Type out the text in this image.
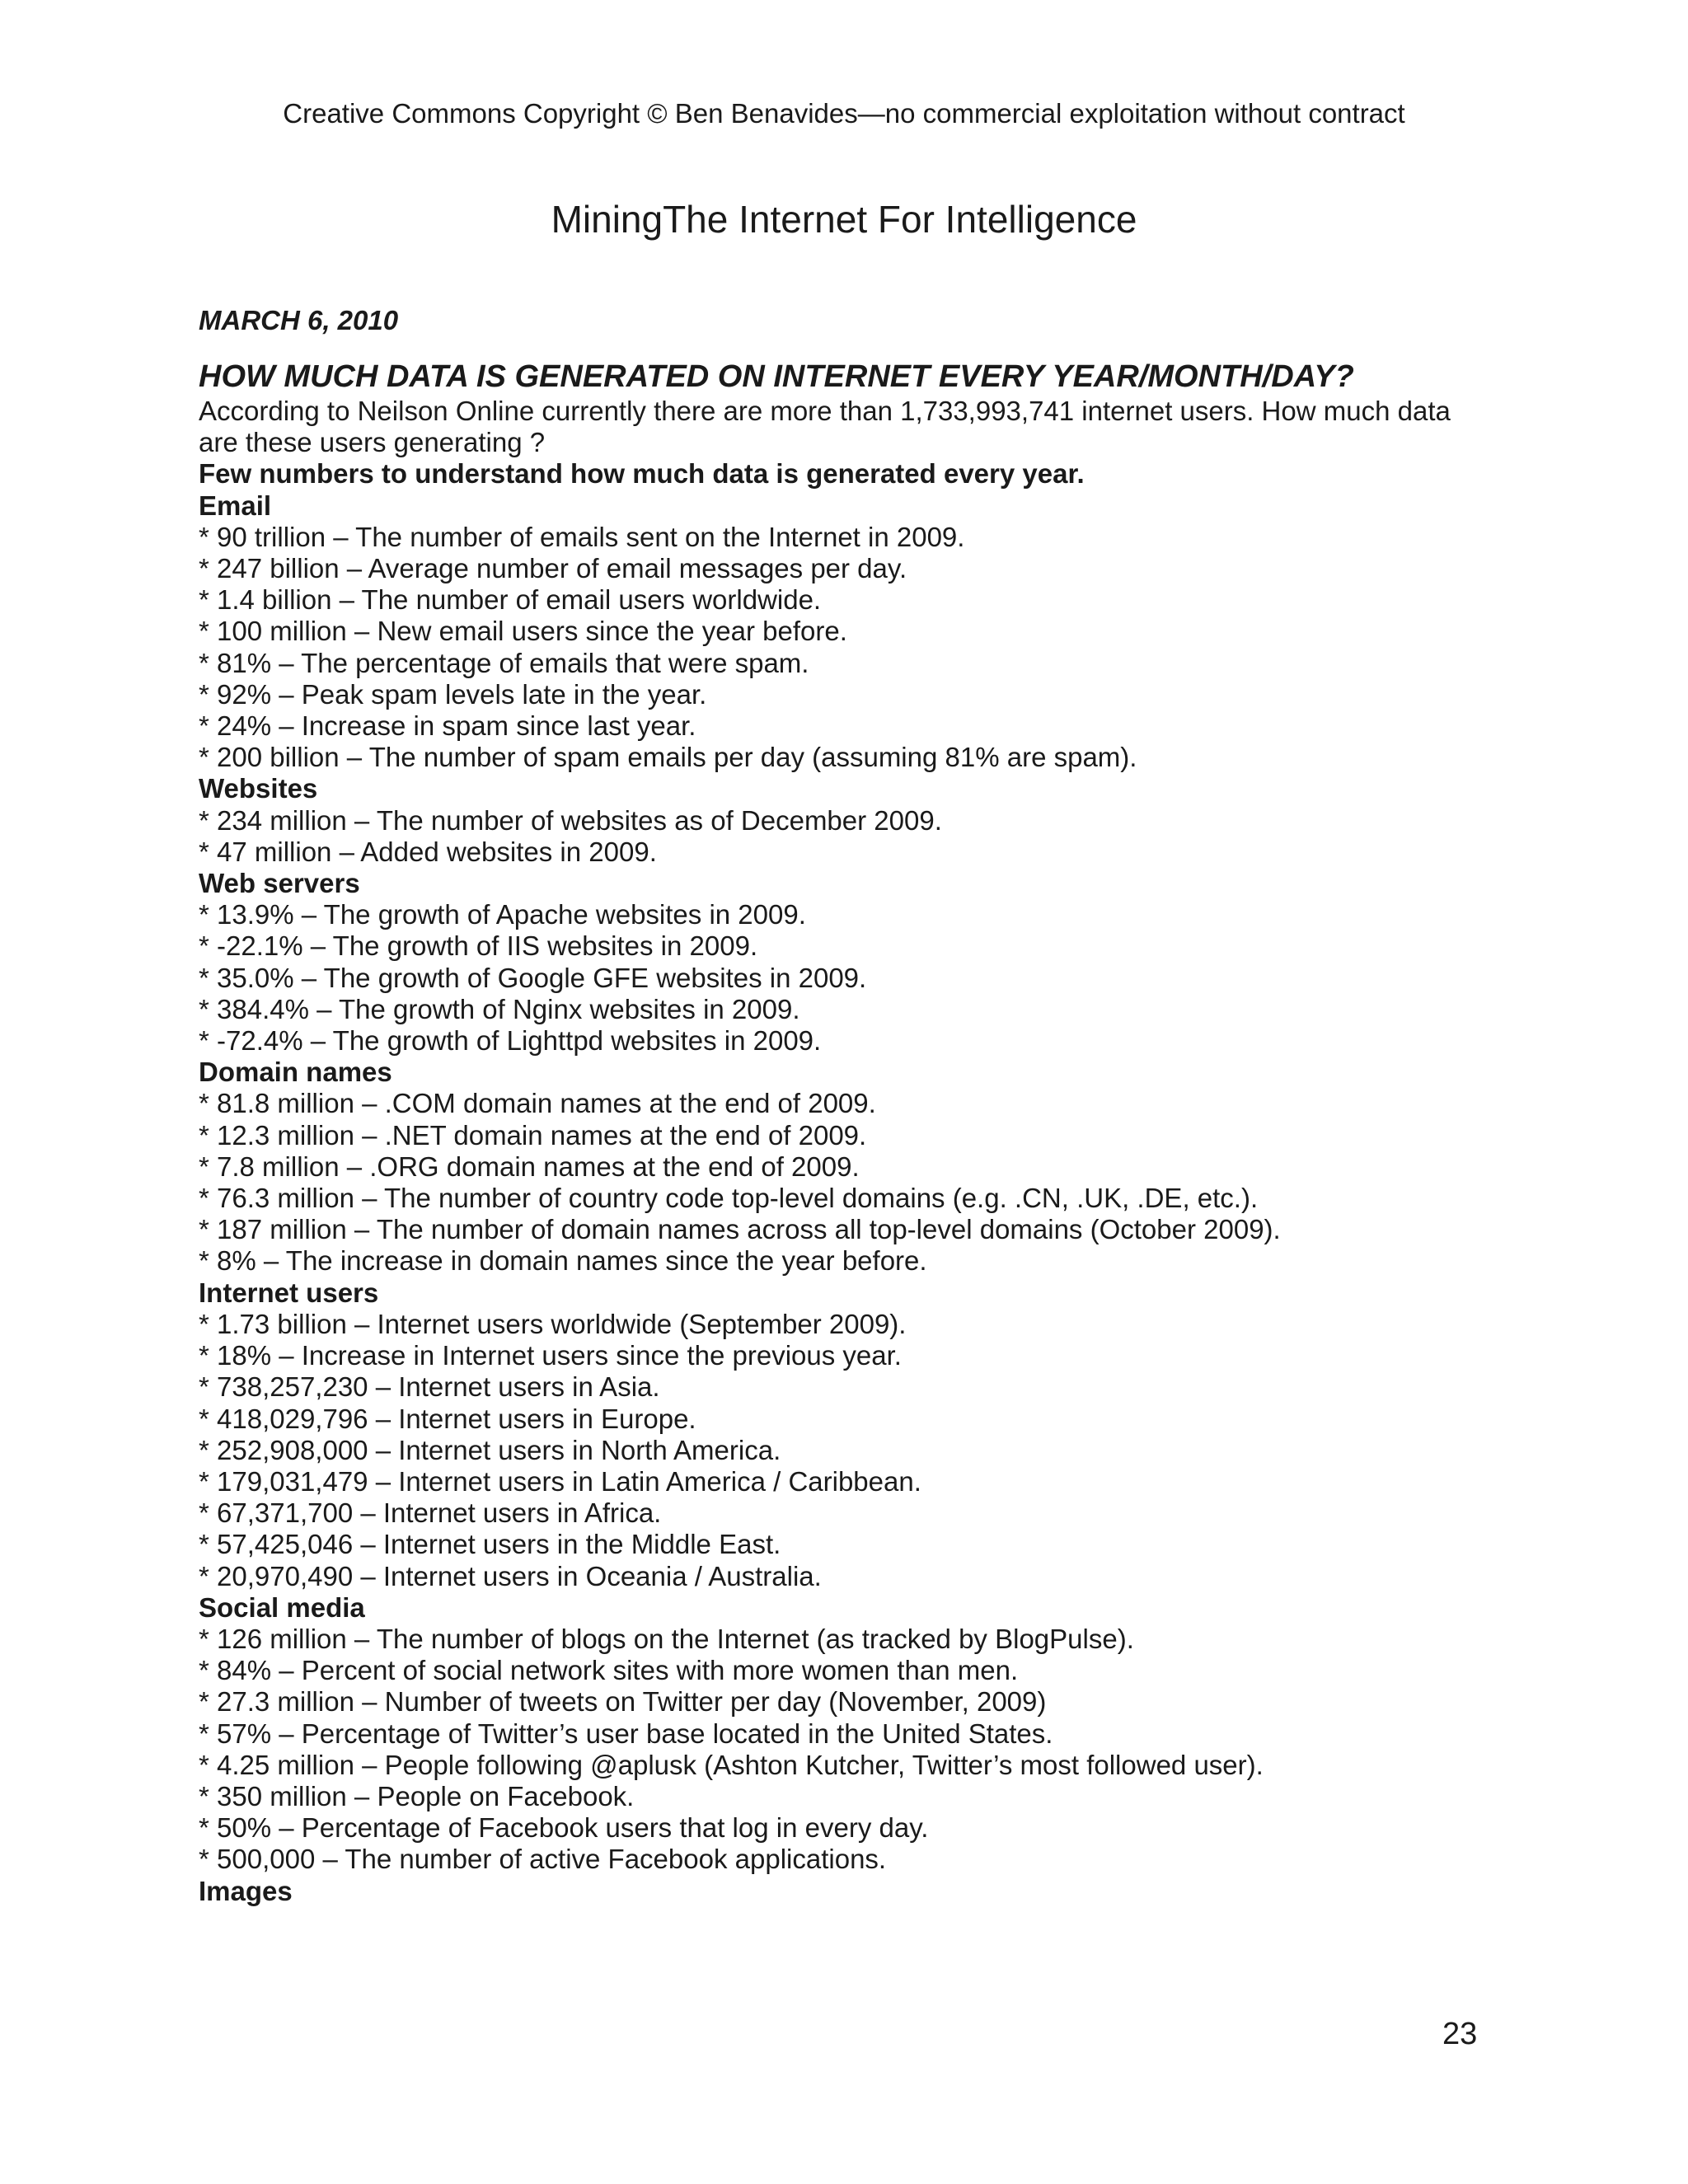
Creative Commons Copyright © Ben Benavides—no commercial exploitation without contract
MiningThe Internet For Intelligence
MARCH 6, 2010
HOW MUCH DATA IS GENERATED ON INTERNET EVERY YEAR/MONTH/DAY?
According to Neilson Online currently there are more than 1,733,993,741 internet users. How much data
are these users generating ?
Few numbers to understand how much data is generated every year.
Email
* 90 trillion – The number of emails sent on the Internet in 2009.
* 247 billion – Average number of email messages per day.
* 1.4 billion – The number of email users worldwide.
* 100 million – New email users since the year before.
* 81% – The percentage of emails that were spam.
* 92% – Peak spam levels late in the year.
* 24% – Increase in spam since last year.
* 200 billion – The number of spam emails per day (assuming 81% are spam).
Websites
* 234 million – The number of websites as of December 2009.
* 47 million – Added websites in 2009.
Web servers
* 13.9% – The growth of Apache websites in 2009.
* -22.1% – The growth of IIS websites in 2009.
* 35.0% – The growth of Google GFE websites in 2009.
* 384.4% – The growth of Nginx websites in 2009.
* -72.4% – The growth of Lighttpd websites in 2009.
Domain names
* 81.8 million – .COM domain names at the end of 2009.
* 12.3 million – .NET domain names at the end of 2009.
* 7.8 million – .ORG domain names at the end of 2009.
* 76.3 million – The number of country code top-level domains (e.g. .CN, .UK, .DE, etc.).
* 187 million – The number of domain names across all top-level domains (October 2009).
* 8% – The increase in domain names since the year before.
Internet users
* 1.73 billion – Internet users worldwide (September 2009).
* 18% – Increase in Internet users since the previous year.
* 738,257,230 – Internet users in Asia.
* 418,029,796 – Internet users in Europe.
* 252,908,000 – Internet users in North America.
* 179,031,479 – Internet users in Latin America / Caribbean.
* 67,371,700 – Internet users in Africa.
* 57,425,046 – Internet users in the Middle East.
* 20,970,490 – Internet users in Oceania / Australia.
Social media
* 126 million – The number of blogs on the Internet (as tracked by BlogPulse).
* 84% – Percent of social network sites with more women than men.
* 27.3 million – Number of tweets on Twitter per day (November, 2009)
* 57% – Percentage of Twitter’s user base located in the United States.
* 4.25 million – People following @aplusk (Ashton Kutcher, Twitter’s most followed user).
* 350 million – People on Facebook.
* 50% – Percentage of Facebook users that log in every day.
* 500,000 – The number of active Facebook applications.
Images
23
